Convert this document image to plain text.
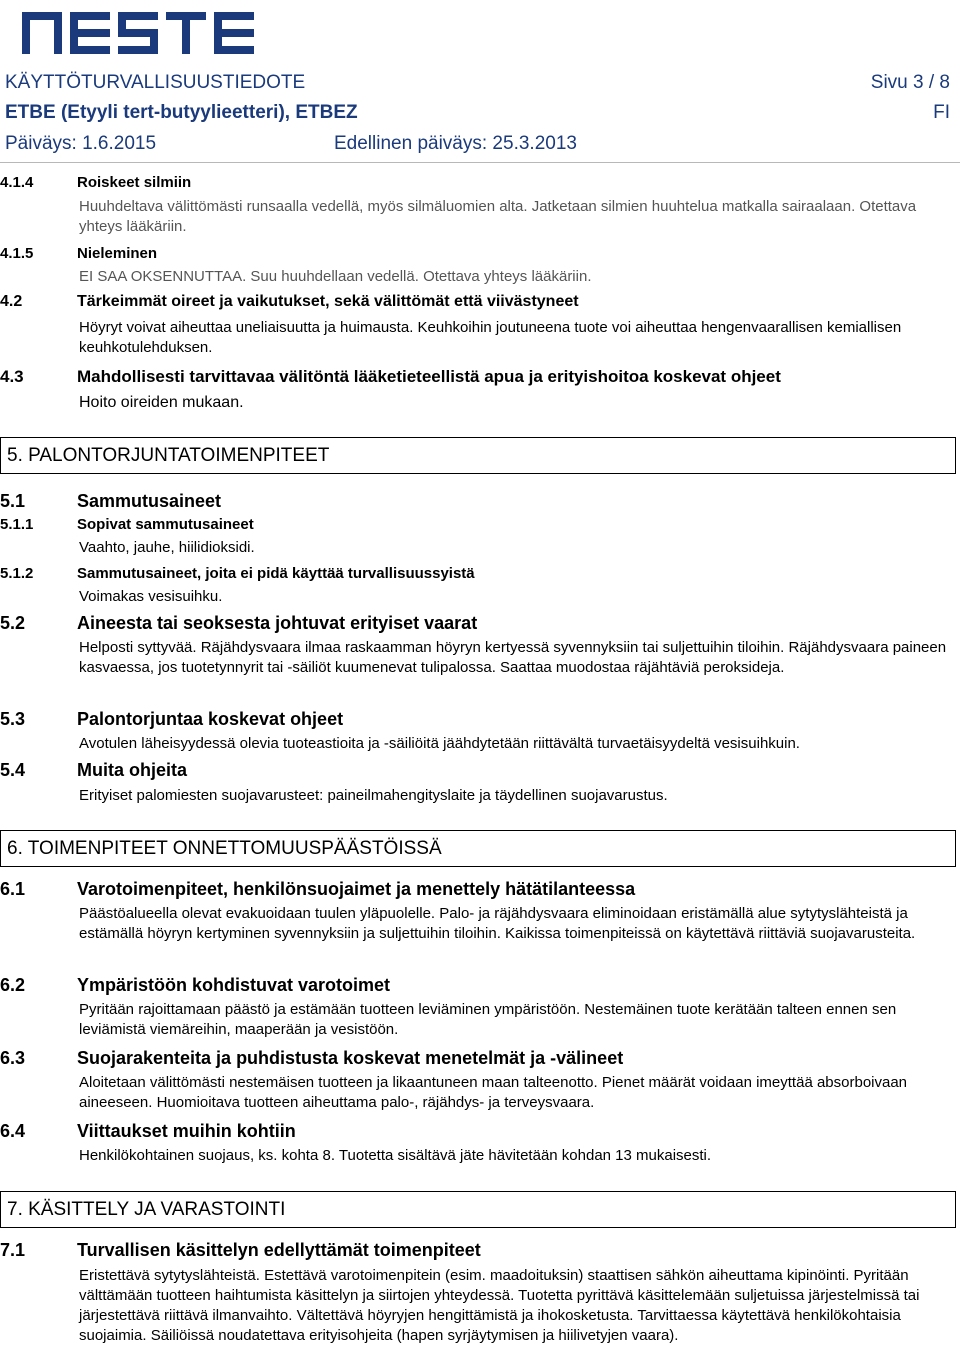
KÄYTTÖTURVALLISUUSTIEDOTE	Sivu 3 / 8
ETBE (Etyyli tert-butyylieetteri), ETBEZ	FI
Päiväys: 1.6.2015	Edellinen päiväys: 25.3.2013
4.1.4	Roiskeet silmiin
Huuhdeltava välittömästi runsaalla vedellä, myös silmäluomien alta. Jatketaan silmien huuhtelua matkalla sairaalaan. Otettava yhteys lääkäriin.
4.1.5	Nieleminen
EI SAA OKSENNUTTAA. Suu huuhdellaan vedellä. Otettava yhteys lääkäriin.
4.2	Tärkeimmät oireet ja vaikutukset, sekä välittömät että viivästyneet
Höyryt voivat aiheuttaa uneliaisuutta ja huimausta. Keuhkoihin joutuneena tuote voi aiheuttaa hengenvaarallisen kemiallisen keuhkotulehduksen.
4.3	Mahdollisesti tarvittavaa välitöntä lääketieteellistä apua ja erityishoitoa koskevat ohjeet
Hoito oireiden mukaan.
5. PALONTORJUNTATOIMENPITEET
5.1	Sammutusaineet
5.1.1	Sopivat sammutusaineet
Vaahto, jauhe, hiilidioksidi.
5.1.2	Sammutusaineet, joita ei pidä käyttää turvallisuussyistä
Voimakas vesisuihku.
5.2	Aineesta tai seoksesta johtuvat erityiset vaarat
Helposti syttyvää. Räjähdysvaara ilmaa raskaamman höyryn kertyessä syvennyksiin tai suljettuihin tiloihin. Räjähdysvaara paineen kasvaessa, jos tuotetynnyrit tai -säiliöt kuumenevat tulipalossa. Saattaa muodostaa räjähtäviä peroksideja.
5.3	Palontorjuntaa koskevat ohjeet
Avotulen läheisyydessä olevia tuoteastioita ja -säiliöitä jäähdytetään riittävältä turvaetäisyydeltä vesisuihkuin.
5.4	Muita ohjeita
Erityiset palomiesten suojavarusteet: paineilmahengityslaite ja täydellinen suojavarustus.
6. TOIMENPITEET ONNETTOMUUSPÄÄSTÖISSÄ
6.1	Varotoimenpiteet, henkilönsuojaimet ja menettely hätätilanteessa
Päästöalueella olevat evakuoidaan tuulen yläpuolelle. Palo- ja räjähdysvaara eliminoidaan eristämällä alue sytytyslähteistä ja estämällä höyryn kertyminen syvennyksiin ja suljettuihin tiloihin. Kaikissa toimenpiteissä on käytettävä riittäviä suojavarusteita.
6.2	Ympäristöön kohdistuvat varotoimet
Pyritään rajoittamaan päästö ja estämään tuotteen leviäminen ympäristöön. Nestemäinen tuote kerätään talteen ennen sen leviämistä viemäreihin, maaperään ja vesistöön.
6.3	Suojarakenteita ja puhdistusta koskevat menetelmät ja -välineet
Aloitetaan välittömästi nestemäisen tuotteen ja likaantuneen maan talteenotto. Pienet määrät voidaan imeyttää absorboivaan aineeseen. Huomioitava tuotteen aiheuttama palo-, räjähdys- ja terveysvaara.
6.4	Viittaukset muihin kohtiin
Henkilökohtainen suojaus, ks. kohta 8. Tuotetta sisältävä jäte hävitetään kohdan 13 mukaisesti.
7. KÄSITTELY JA VARASTOINTI
7.1	Turvallisen käsittelyn edellyttämät toimenpiteet
Eristettävä sytytyslähteistä. Estettävä varotoimenpitein (esim. maadoituksin) staattisen sähkön aiheuttama kipinöinti. Pyritään välttämään tuotteen haihtumista käsittelyn ja siirtojen yhteydessä. Tuotetta pyrittävä käsittelemään suljetuissa järjestelmissä tai järjestettävä riittävä ilmanvaihto. Vältettävä höyryjen hengittämistä ja ihokosketusta. Tarvittaessa käytettävä henkilökohtaisia suojaimia. Säiliöissä noudatettava erityisohjeita (hapen syrjäytymisen ja hiilivetyjen vaara).
